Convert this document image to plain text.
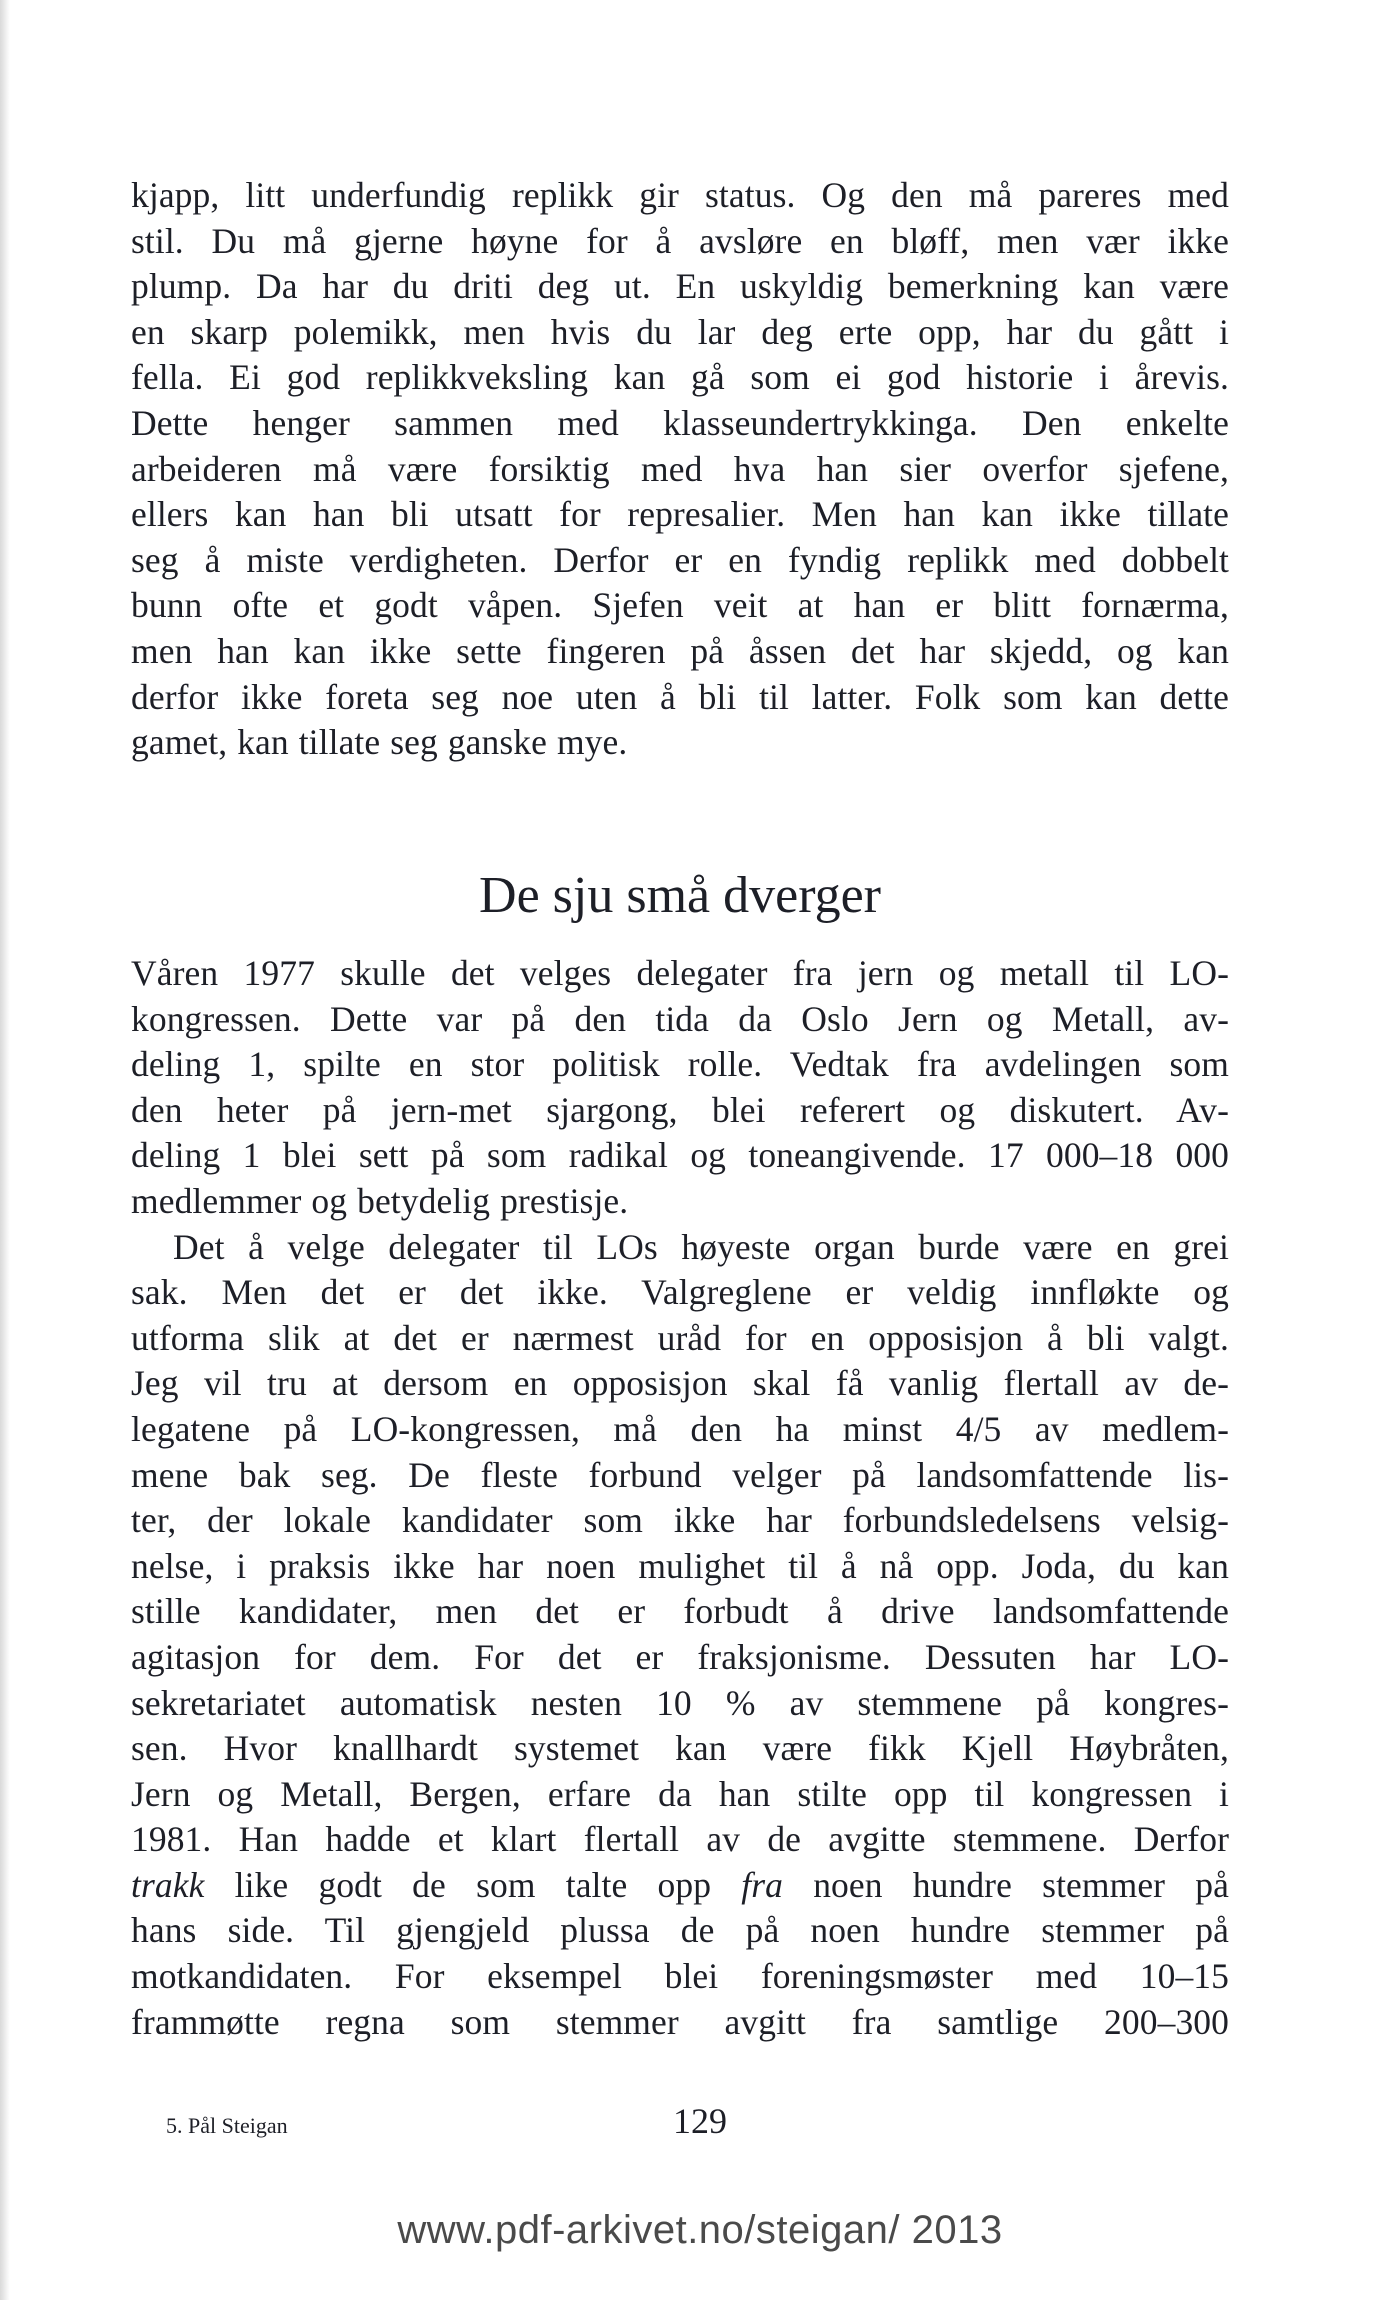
kjapp, litt underfundig replikk gir status. Og den må pareres med
stil. Du må gjerne høyne for å avsløre en bløff, men vær ikke
plump. Da har du driti deg ut. En uskyldig bemerkning kan være
en skarp polemikk, men hvis du lar deg erte opp, har du gått i
fella. Ei god replikkveksling kan gå som ei god historie i årevis.
Dette henger sammen med klasseundertrykkinga. Den enkelte
arbeideren må være forsiktig med hva han sier overfor sjefene,
ellers kan han bli utsatt for represalier. Men han kan ikke tillate
seg å miste verdigheten. Derfor er en fyndig replikk med dobbelt
bunn ofte et godt våpen. Sjefen veit at han er blitt fornærma,
men han kan ikke sette fingeren på åssen det har skjedd, og kan
derfor ikke foreta seg noe uten å bli til latter. Folk som kan dette
gamet, kan tillate seg ganske mye.
De sju små dverger
Våren 1977 skulle det velges delegater fra jern og metall til LO-
kongressen. Dette var på den tida da Oslo Jern og Metall, av-
deling 1, spilte en stor politisk rolle. Vedtak fra avdelingen som
den heter på jern-met sjargong, blei referert og diskutert. Av-
deling 1 blei sett på som radikal og toneangivende. 17 000–18 000
medlemmer og betydelig prestisje.
Det å velge delegater til LOs høyeste organ burde være en grei
sak. Men det er det ikke. Valgreglene er veldig innfløkte og
utforma slik at det er nærmest uråd for en opposisjon å bli valgt.
Jeg vil tru at dersom en opposisjon skal få vanlig flertall av de-
legatene på LO-kongressen, må den ha minst 4/5 av medlem-
mene bak seg. De fleste forbund velger på landsomfattende lis-
ter, der lokale kandidater som ikke har forbundsledelsens velsig-
nelse, i praksis ikke har noen mulighet til å nå opp. Joda, du kan
stille kandidater, men det er forbudt å drive landsomfattende
agitasjon for dem. For det er fraksjonisme. Dessuten har LO-
sekretariatet automatisk nesten 10 % av stemmene på kongres-
sen. Hvor knallhardt systemet kan være fikk Kjell Høybråten,
Jern og Metall, Bergen, erfare da han stilte opp til kongressen i
1981. Han hadde et klart flertall av de avgitte stemmene. Derfor
trakk like godt de som talte opp fra noen hundre stemmer på
hans side. Til gjengjeld plussa de på noen hundre stemmer på
motkandidaten. For eksempel blei foreningsmøster med 10–15
frammøtte regna som stemmer avgitt fra samtlige 200–300
5. Pål Steigan	129
www.pdf-arkivet.no/steigan/ 2013
